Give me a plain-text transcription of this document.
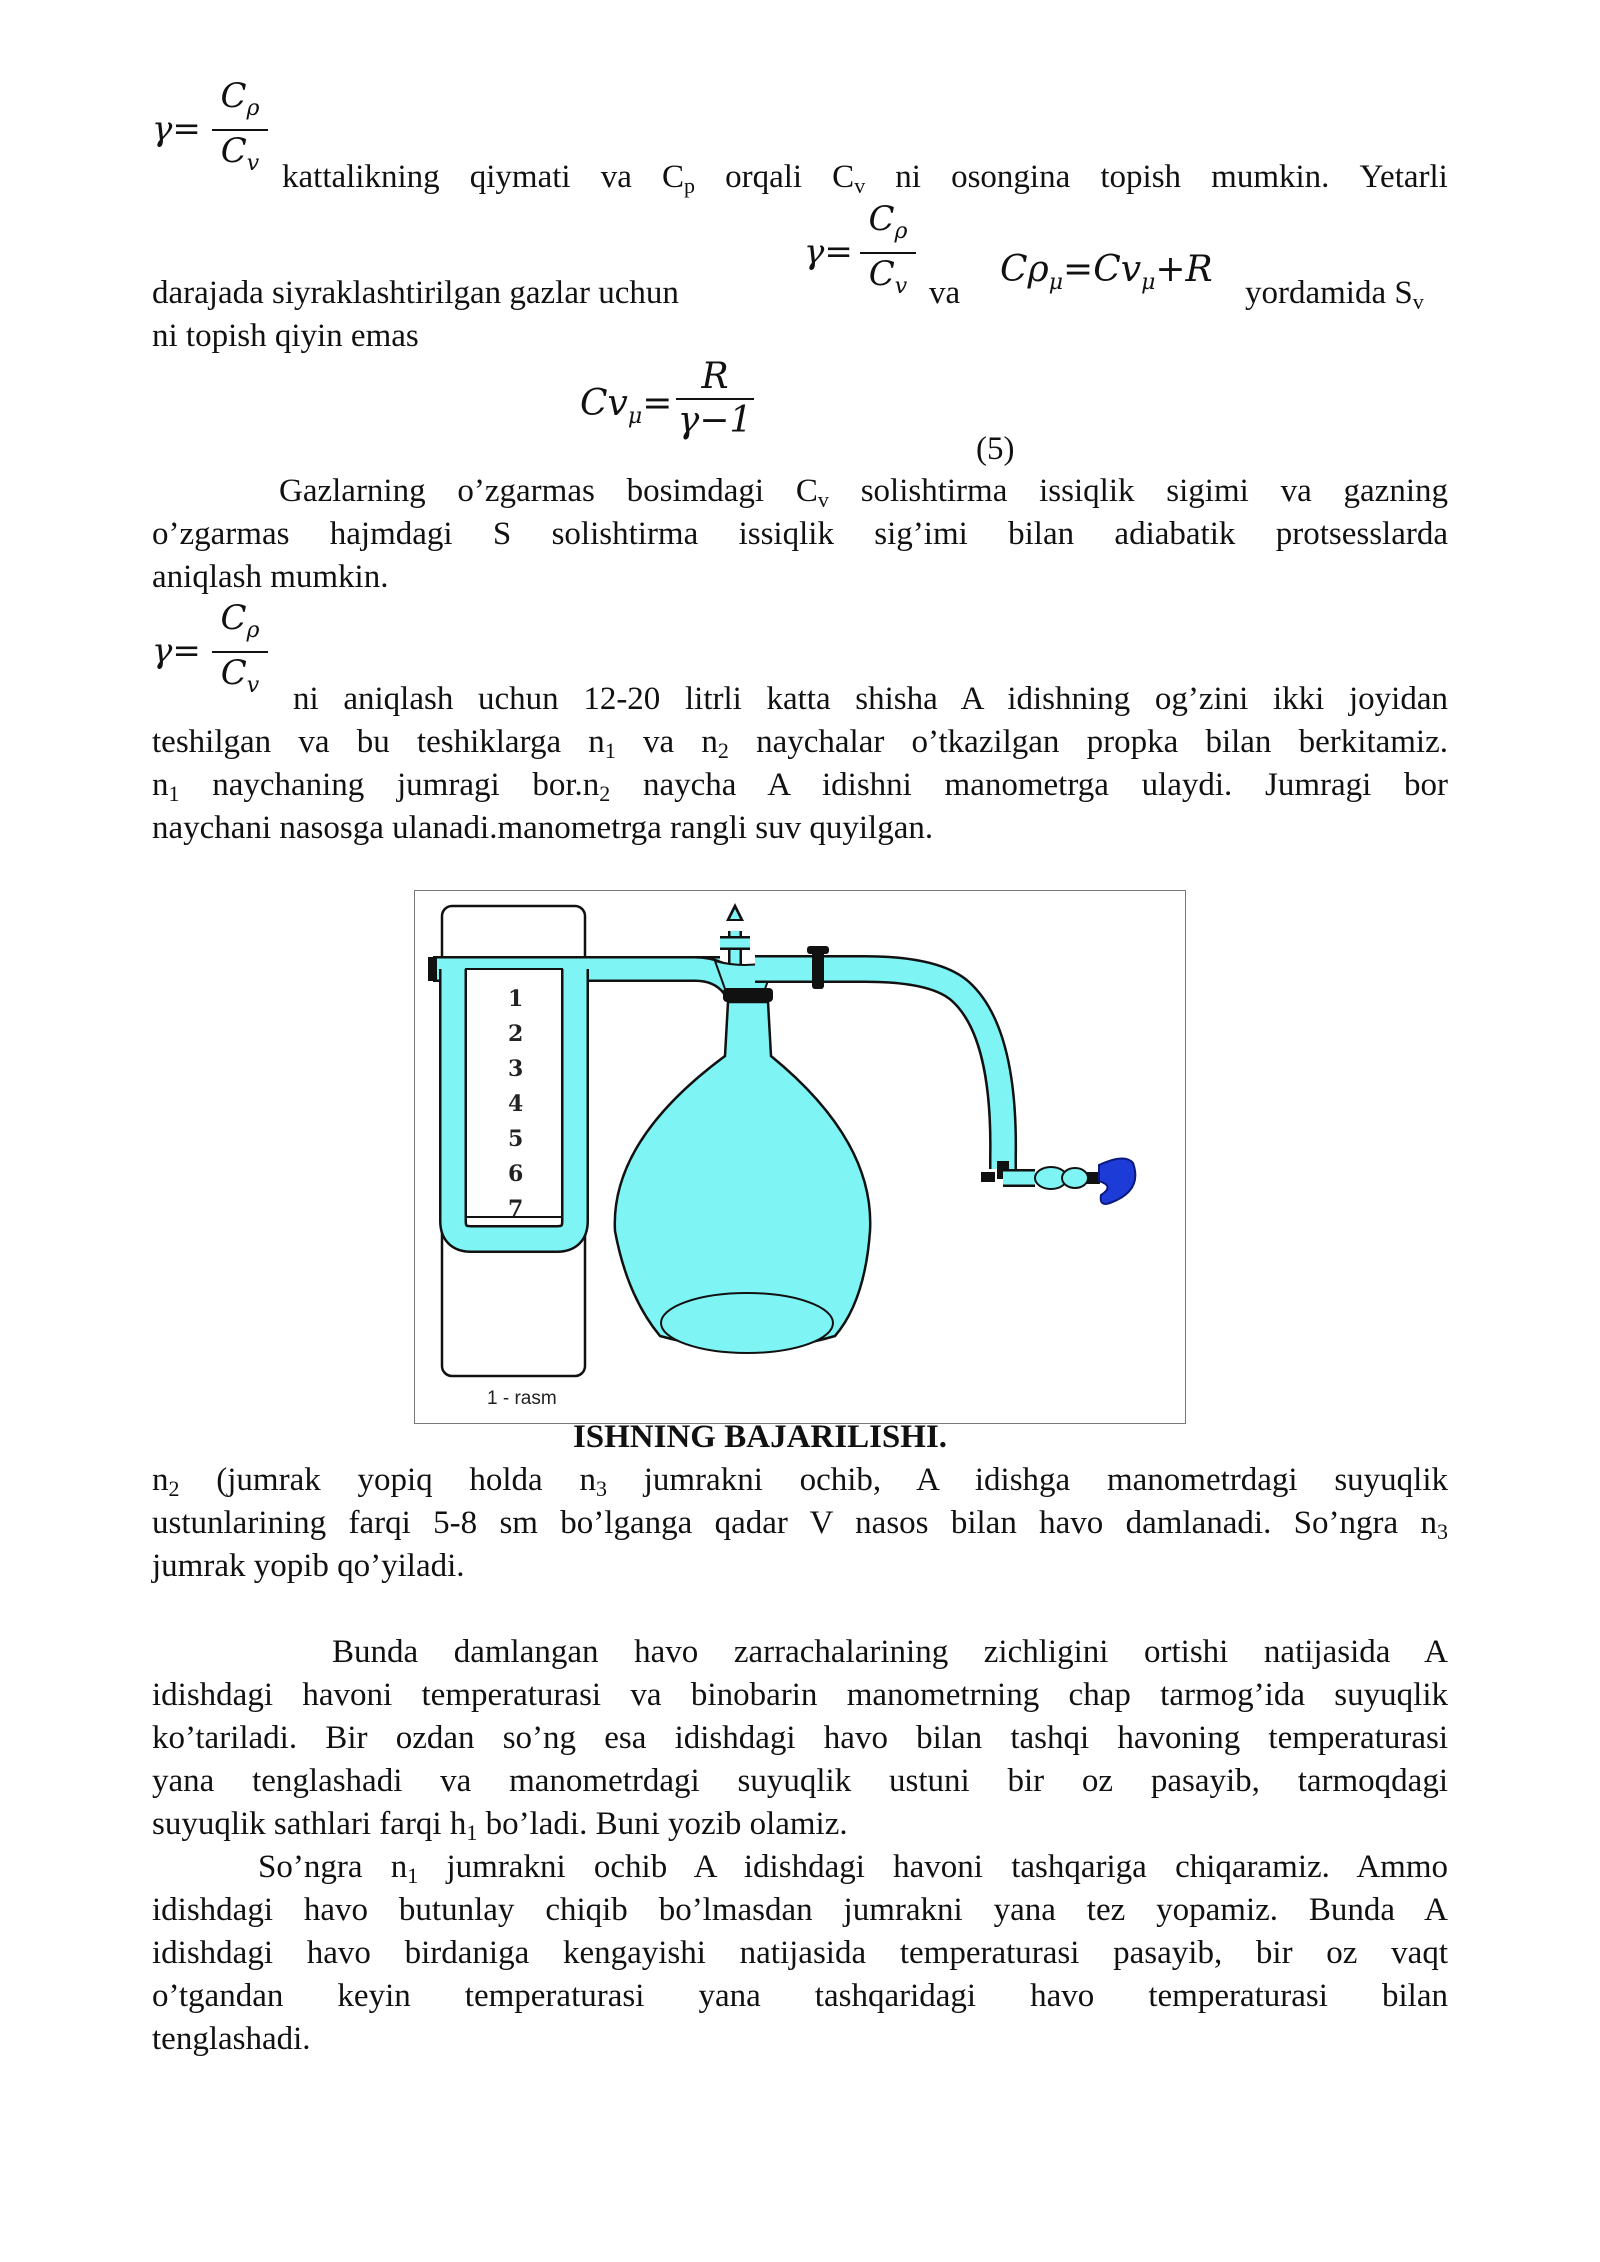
γ=
$C_\rho$
$C_v$ kattalikning qiymati va $C_p$ orqali $C_v$ ni osongina topish mumkin. Yetarli
γ=
$C_\rho$
$C_v$
darajada siyraklashtirilgan gazlar uchun	va
$C\rho_\mu=Cv_\mu+R$
yordamida $S_v$
ni topish qiyin emas
$Cv_\mu=$
R
γ−1
(5)
Gazlarning o’zgarmas bosimdagi $C_v$ solishtirma issiqlik sigimi va gazning
o’zgarmas hajmdagi S solishtirma issiqlik sig’imi bilan adiabatik protsesslarda
aniqlash mumkin.
γ=
$C_\rho$
$C_v$ ni aniqlash uchun 12-20 litrli katta shisha A idishning og’zini ikki joyidan
teshilgan va bu teshiklarga $n_1$ va $n_2$ naychalar o’tkazilgan propka bilan berkitamiz.
$n_1$ naychaning jumragi $bor.n_2$ naycha A idishni manometrga ulaydi. Jumragi bor
naychani nasosga ulanadi.manometrga rangli suv quyilgan.
1
2
3
4
5
6
7
1 - rasm
ISHNING BAJARILISHI.
$n_2$ (jumrak yopiq holda $n_3$ jumrakni ochib, A idishga manometrdagi suyuqlik
ustunlarining farqi 5-8 sm bo’lganga qadar V nasos bilan havo damlanadi. So’ngra $n_3$
jumrak yopib qo’yiladi.
Bunda damlangan havo zarrachalarining zichligini ortishi natijasida A
idishdagi havoni temperaturasi va binobarin manometrning chap tarmog’ida suyuqlik
ko’tariladi. Bir ozdan so’ng esa idishdagi havo bilan tashqi havoning temperaturasi
yana tenglashadi va manometrdagi suyuqlik ustuni bir oz pasayib, tarmoqdagi
suyuqlik sathlari farqi $h_1$ bo’ladi. Buni yozib olamiz.
So’ngra $n_1$ jumrakni ochib A idishdagi havoni tashqariga chiqaramiz. Ammo
idishdagi havo butunlay chiqib bo’lmasdan jumrakni yana tez yopamiz. Bunda A
idishdagi havo birdaniga kengayishi natijasida temperaturasi pasayib, bir oz vaqt
o’tgandan keyin temperaturasi yana tashqaridagi havo temperaturasi bilan
tenglashadi.
